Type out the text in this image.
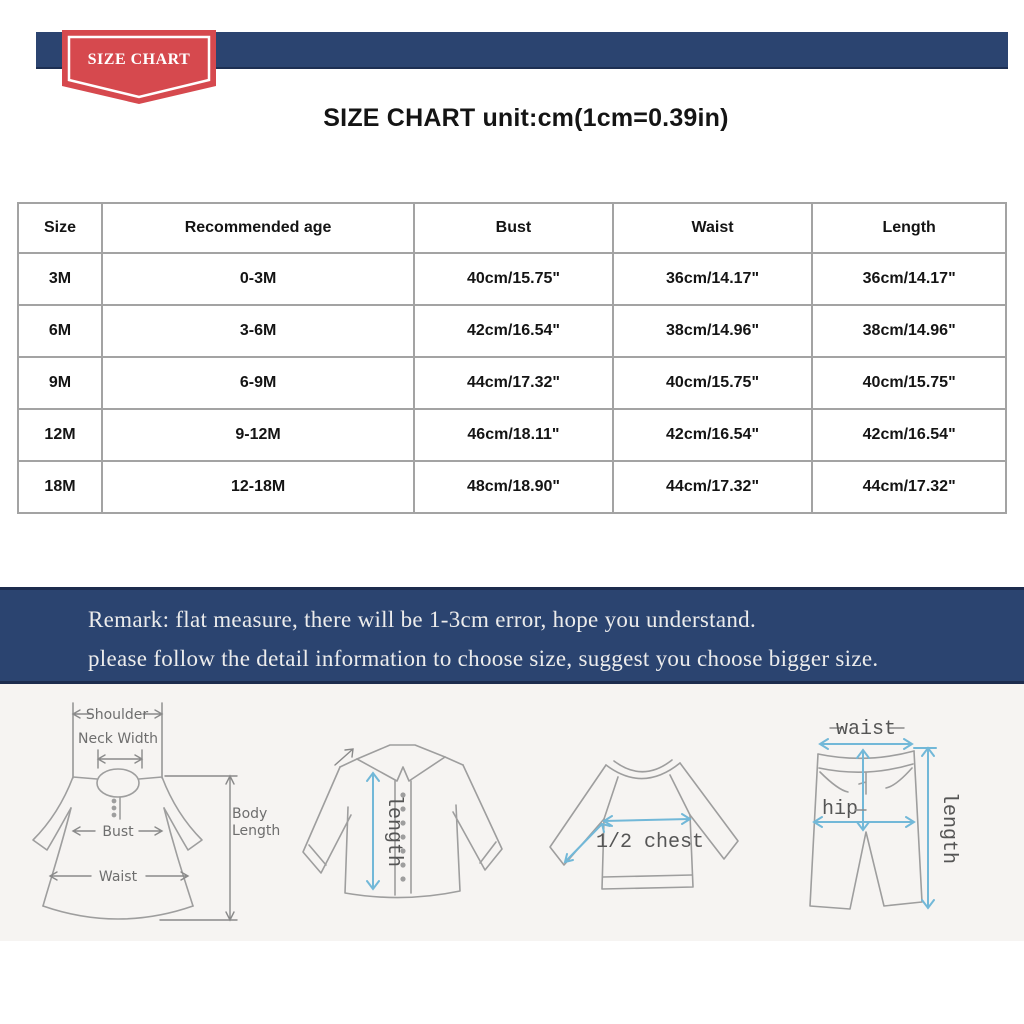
SIZE CHART
SIZE CHART unit:cm(1cm=0.39in)
Size	Recommended age	Bust	Waist	Length
3M	0-3M	40cm/15.75"	36cm/14.17"	36cm/14.17"
6M	3-6M	42cm/16.54"	38cm/14.96"	38cm/14.96"
9M	6-9M	44cm/17.32"	40cm/15.75"	40cm/15.75"
12M	9-12M	46cm/18.11"	42cm/16.54"	42cm/16.54"
18M	12-18M	48cm/18.90"	44cm/17.32"	44cm/17.32"

Remark: flat measure, there will be 1-3cm error, hope you understand.

please follow the detail information to choose size, suggest you choose bigger size.

Shoulder
Neck Width
Bust
Waist
Body
Length	length	1/2 chest
waist
hip	length
